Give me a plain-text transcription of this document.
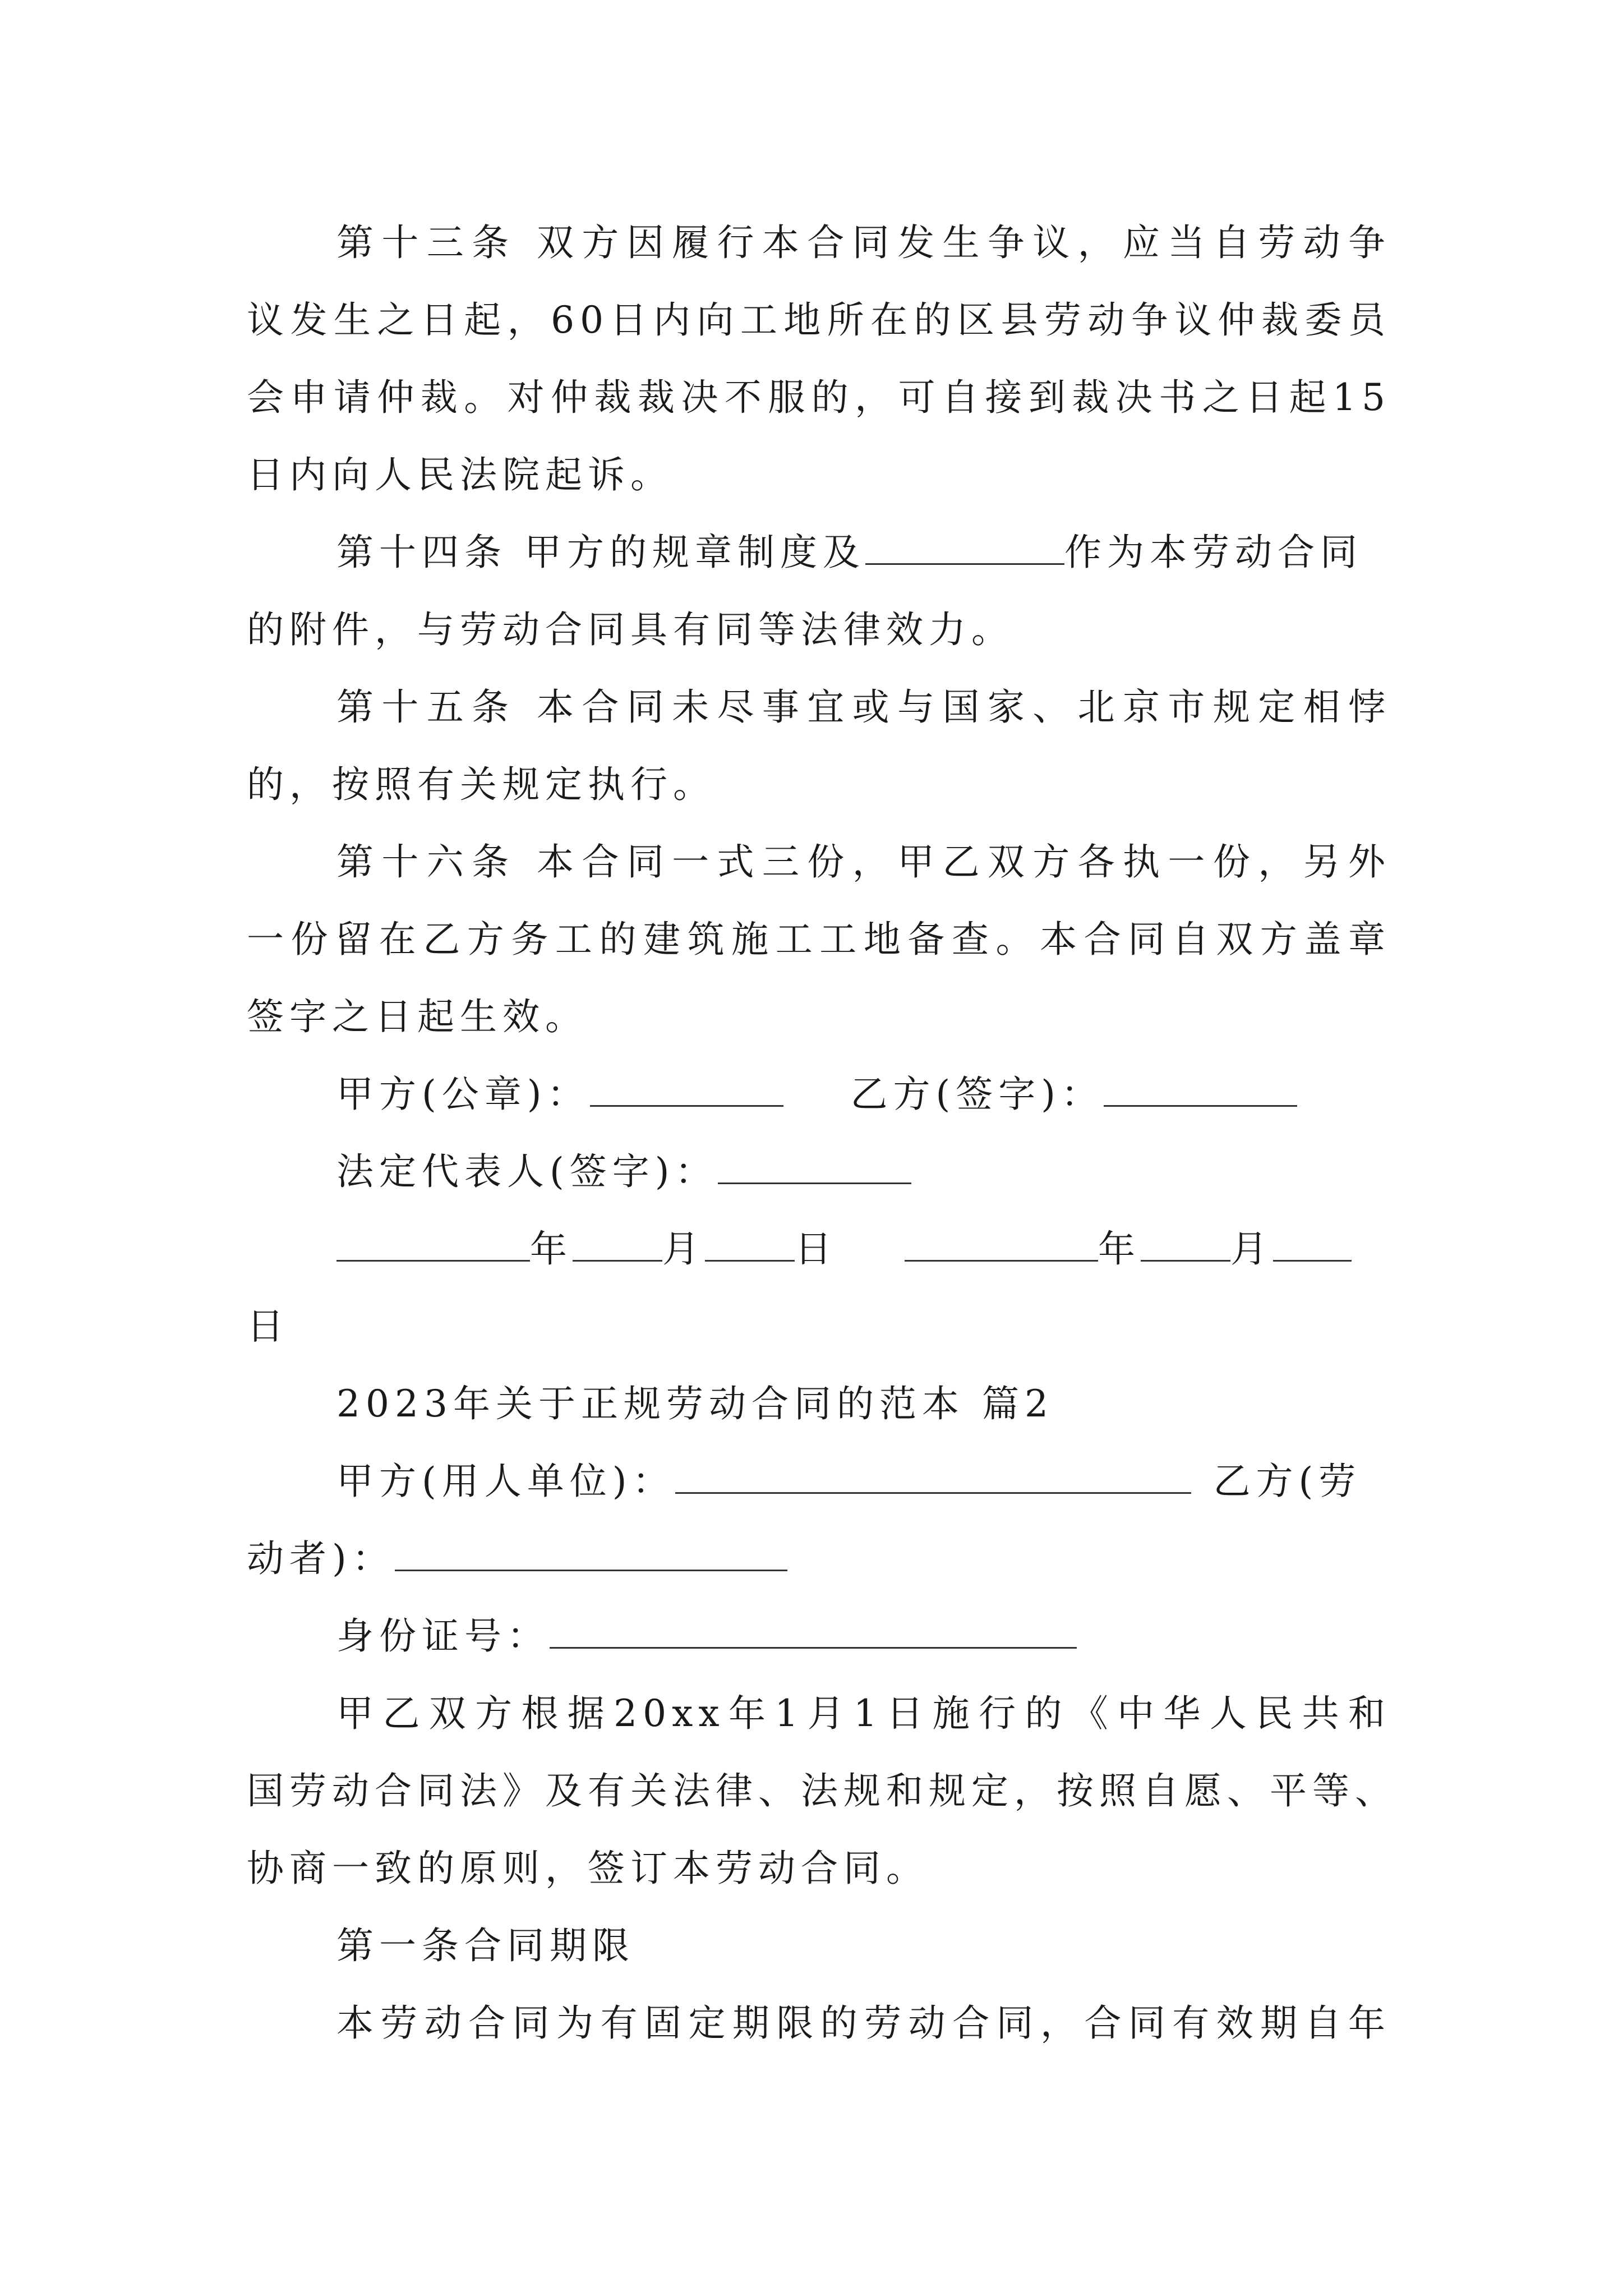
第十三条 双方因履行本合同发生争议，应当自劳动争

议发生之日起，60日内向工地所在的区县劳动争议仲裁委员

会申请仲裁。对仲裁裁决不服的，可自接到裁决书之日起15

日内向人民法院起诉。

第十四条 甲方的规章制度及	作为本劳动合同

的附件，与劳动合同具有同等法律效力。

第十五条 本合同未尽事宜或与国家、北京市规定相悖

的，按照有关规定执行。

第十六条 本合同一式三份，甲乙双方各执一份，另外

一份留在乙方务工的建筑施工工地备查。本合同自双方盖章

签字之日起生效。

甲方(公章)：	乙方(签字)：

法定代表人(签字)：

年 月 日	年 月

日

2023年关于正规劳动合同的范本 篇2

甲方(用人单位)：	乙方(劳

动者)：

身份证号：

甲乙双方根据20xx年1月1日施行的《中华人民共和

国劳动合同法》及有关法律、法规和规定，按照自愿、平等、

协商一致的原则，签订本劳动合同。

第一条合同期限

本劳动合同为有固定期限的劳动合同，合同有效期自年
